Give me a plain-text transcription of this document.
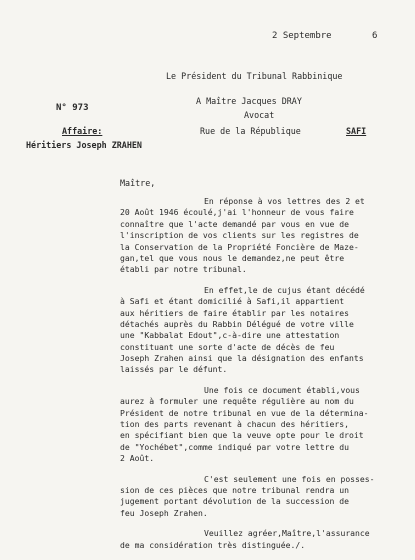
2 Septembre	6
Le Président du Tribunal Rabbinique
A Maître Jacques DRAY
Avocat
Rue de la République	SAFI
N° 973
Affaire:
Héritiers Joseph ZRAHEN
Maître,
En réponse à vos lettres des 2 et
20 Août 1946 écoulé,j'ai l'honneur de vous faire
connaître que l'acte demandé par vous en vue de
l'inscription de vos clients sur les registres de
la Conservation de la Propriété Foncière de Maze-
gan,tel que vous nous le demandez,ne peut être
établi par notre tribunal.
En effet,le de cujus étant décédé
à Safi et étant domicilié à Safi,il appartient
aux héritiers de faire établir par les notaires
détachés auprès du Rabbin Délégué de votre ville
une "Kabbalat Edout",c-à-dire une attestation
constituant une sorte d'acte de décès de feu
Joseph Zrahen ainsi que la désignation des enfants
laissés par le défunt.
Une fois ce document établi,vous
aurez à formuler une requête régulière au nom du
Président de notre tribunal en vue de la détermina-
tion des parts revenant à chacun des héritiers,
en spécifiant bien que la veuve opte pour le droit
de "Yochébet",comme indiqué par votre lettre du
2 Août.
C'est seulement une fois en posses-
sion de ces pièces que notre tribunal rendra un
jugement portant dévolution de la succession de
feu Joseph Zrahen.
Veuillez agréer,Maître,l'assurance
de ma considération très distinguée./.
